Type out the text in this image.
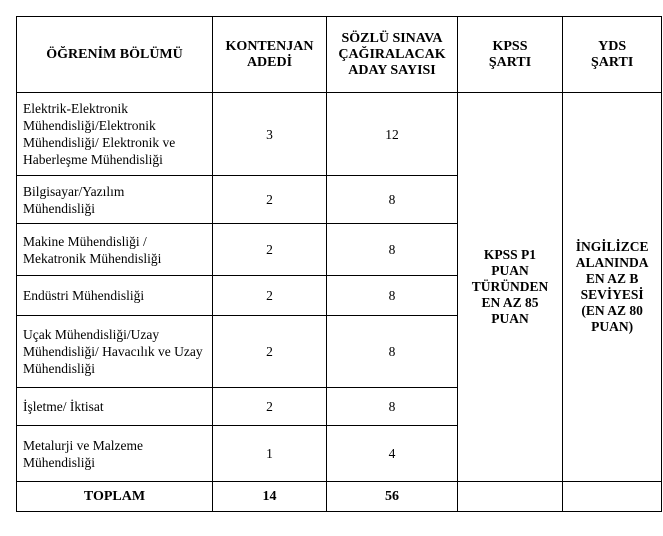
ÖĞRENİM BÖLÜMÜ	KONTENJAN ADEDİ	SÖZLÜ SINAVA ÇAĞIRALACAK ADAY SAYISI	KPSS ŞARTI	YDS ŞARTI
Elektrik-Elektronik Mühendisliği/Elektronik Mühendisliği/ Elektronik ve Haberleşme Mühendisliği	3	12	KPSS P1 PUAN TÜRÜNDEN EN AZ 85 PUAN	İNGİLİZCE ALANINDA EN AZ B SEVİYESİ (EN AZ 80 PUAN)
Bilgisayar/Yazılım Mühendisliği	2	8		
Makine Mühendisliği / Mekatronik Mühendisliği	2	8		
Endüstri Mühendisliği	2	8		
Uçak Mühendisliği/Uzay Mühendisliği/ Havacılık ve Uzay Mühendisliği	2	8		
İşletme/ İktisat	2	8		
Metalurji ve Malzeme Mühendisliği	1	4		
TOPLAM	14	56		
